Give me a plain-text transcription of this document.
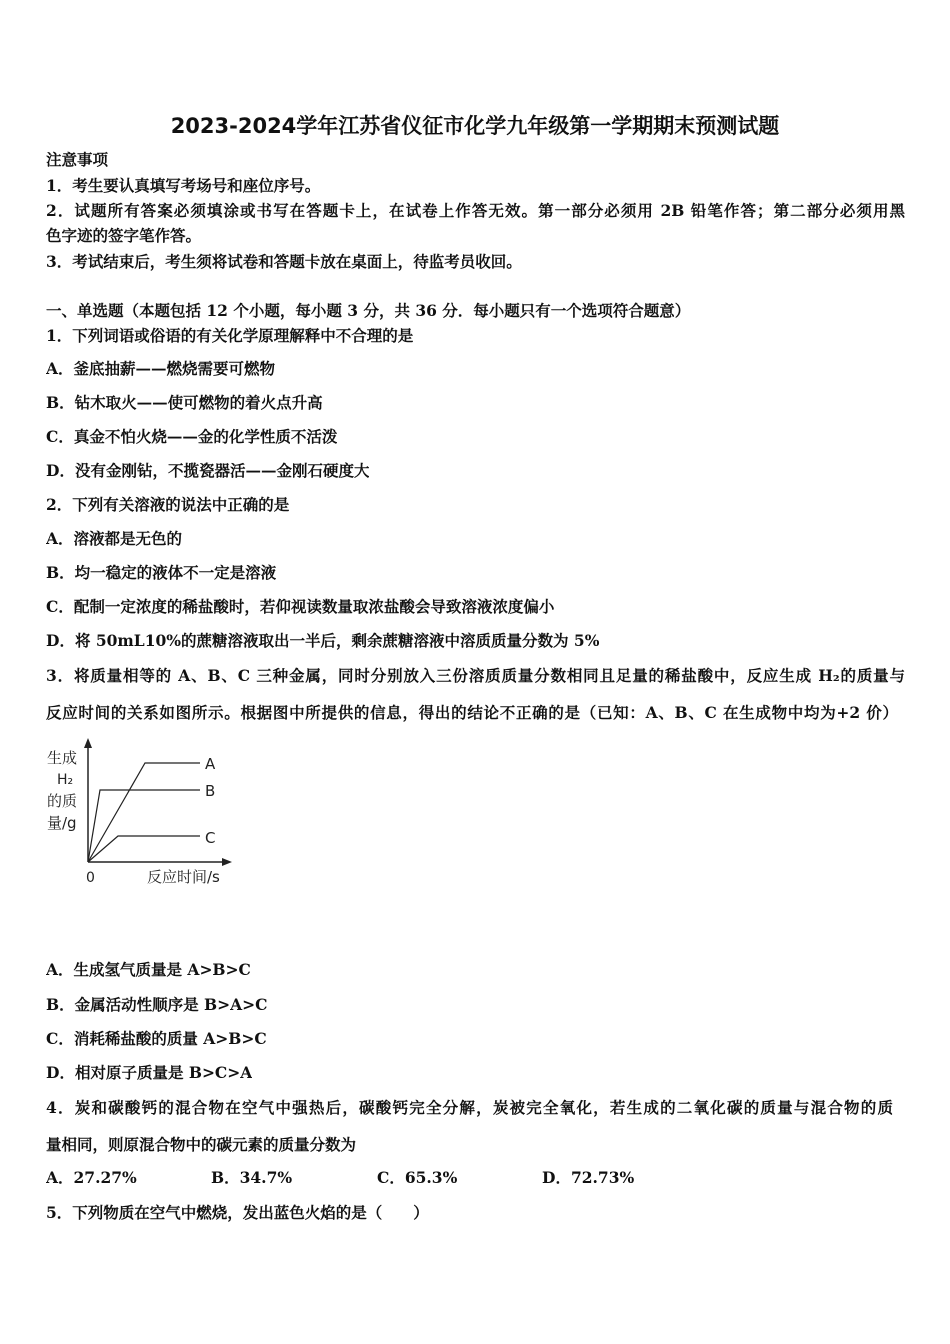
2023-2024学年江苏省仪征市化学九年级第一学期期末预测试题
注意事项
1．考生要认真填写考场号和座位序号。
2．试题所有答案必须填涂或书写在答题卡上，在试卷上作答无效。第一部分必须用 2B 铅笔作答；第二部分必须用黑
色字迹的签字笔作答。
3．考试结束后，考生须将试卷和答题卡放在桌面上，待监考员收回。
一、单选题（本题包括 12 个小题，每小题 3 分，共 36 分．每小题只有一个选项符合题意）
1．下列词语或俗语的有关化学原理解释中不合理的是
A．釜底抽薪——燃烧需要可燃物
B．钻木取火——使可燃物的着火点升高
C．真金不怕火烧——金的化学性质不活泼
D．没有金刚钻，不揽瓷器活——金刚石硬度大
2．下列有关溶液的说法中正确的是
A．溶液都是无色的
B．均一稳定的液体不一定是溶液
C．配制一定浓度的稀盐酸时，若仰视读数量取浓盐酸会导致溶液浓度偏小
D．将 50mL10%的蔗糖溶液取出一半后，剩余蔗糖溶液中溶质质量分数为 5%
3．将质量相等的 A、B、C 三种金属，同时分别放入三份溶质质量分数相同且足量的稀盐酸中，反应生成 H₂的质量与
反应时间的关系如图所示。根据图中所提供的信息，得出的结论不正确的是（已知：A、B、C 在生成物中均为+2 价）
生成
H₂
的质
量/g
0	反应时间/s
A
B
C
A．生成氢气质量是 A>B>C
B．金属活动性顺序是 B>A>C
C．消耗稀盐酸的质量 A>B>C
D．相对原子质量是 B>C>A
4．炭和碳酸钙的混合物在空气中强热后，碳酸钙完全分解，炭被完全氧化，若生成的二氧化碳的质量与混合物的质
量相同，则原混合物中的碳元素的质量分数为
A．27.27%	B．34.7%	C．65.3%	D．72.73%
5．下列物质在空气中燃烧，发出蓝色火焰的是（　　）
